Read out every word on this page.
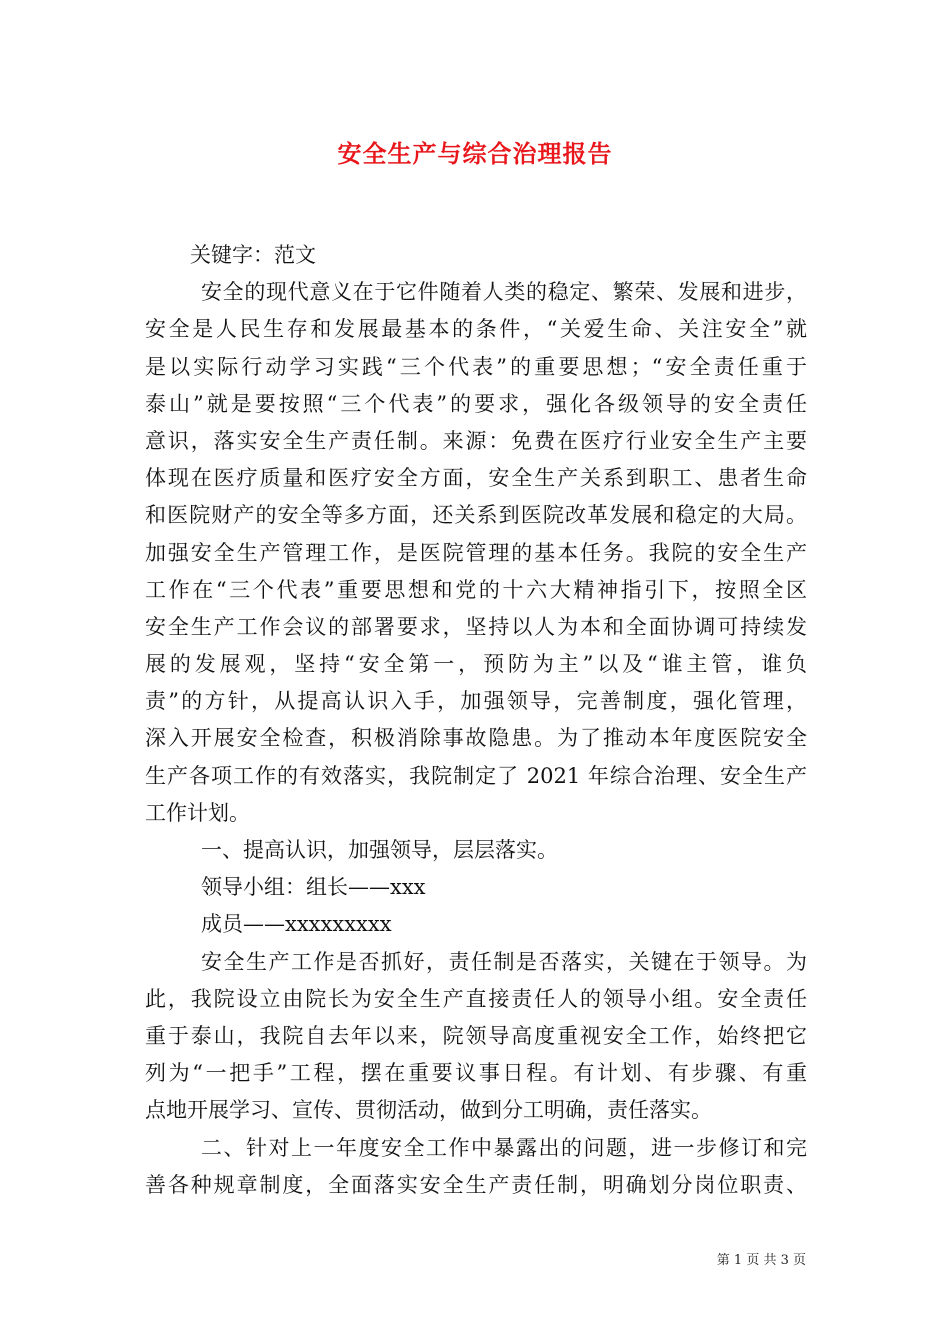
安全生产与综合治理报告
关键字：范文
安全的现代意义在于它件随着人类的稳定、繁荣、发展和进步，
安全是人民生存和发展最基本的条件，“关爱生命、关注安全”就
是以实际行动学习实践“三个代表”的重要思想；“安全责任重于
泰山”就是要按照“三个代表”的要求，强化各级领导的安全责任
意识，落实安全生产责任制。来源：免费在医疗行业安全生产主要
体现在医疗质量和医疗安全方面，安全生产关系到职工、患者生命
和医院财产的安全等多方面，还关系到医院改革发展和稳定的大局。
加强安全生产管理工作，是医院管理的基本任务。我院的安全生产
工作在“三个代表”重要思想和党的十六大精神指引下，按照全区
安全生产工作会议的部署要求，坚持以人为本和全面协调可持续发
展的发展观，坚持“安全第一，预防为主”以及“谁主管，谁负
责”的方针，从提高认识入手，加强领导，完善制度，强化管理，
深入开展安全检查，积极消除事故隐患。为了推动本年度医院安全
生产各项工作的有效落实，我院制定了 2021 年综合治理、安全生产
工作计划。
一、提高认识，加强领导，层层落实。
领导小组：组长——xxx
成员——xxxxxxxxx
安全生产工作是否抓好，责任制是否落实，关键在于领导。为
此，我院设立由院长为安全生产直接责任人的领导小组。安全责任
重于泰山，我院自去年以来，院领导高度重视安全工作，始终把它
列为“一把手”工程，摆在重要议事日程。有计划、有步骤、有重
点地开展学习、宣传、贯彻活动，做到分工明确，责任落实。
二、针对上一年度安全工作中暴露出的问题，进一步修订和完
善各种规章制度，全面落实安全生产责任制，明确划分岗位职责、
第 1 页 共 3 页
